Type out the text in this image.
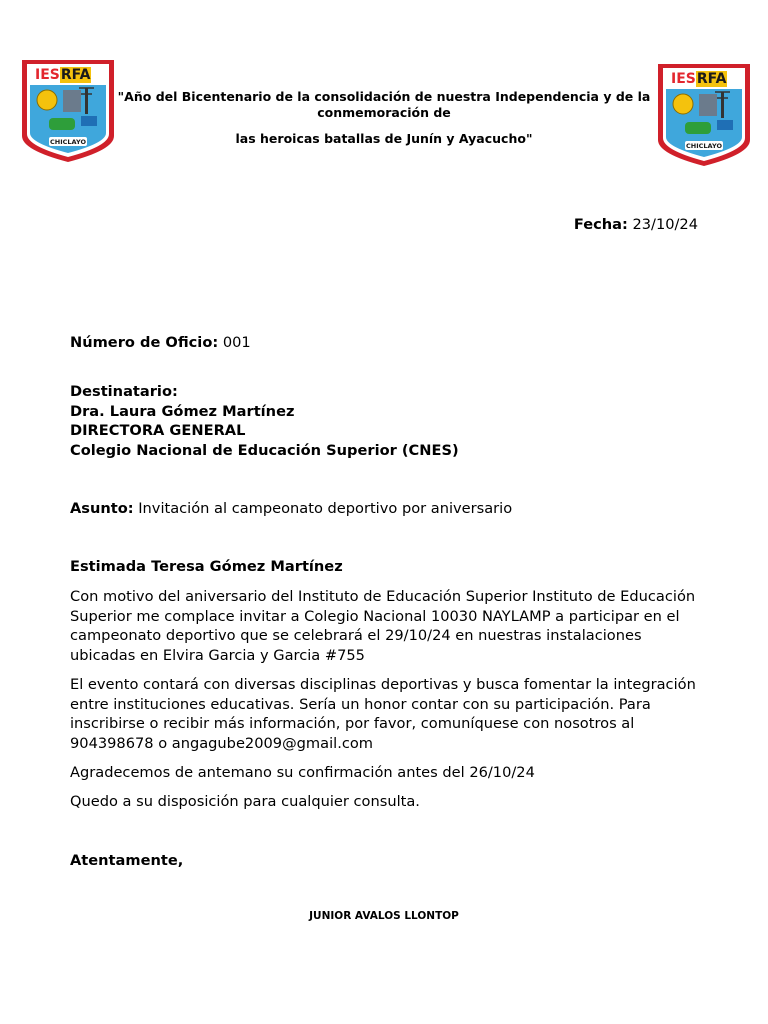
IESRFA
CHICLAYO
IESRFA
CHICLAYO
"Año del Bicentenario de la consolidación de nuestra Independencia y de la conmemoración de
las heroicas batallas de Junín y Ayacucho"
Fecha: 23/10/24
Número de Oficio: 001
Destinatario:
Dra. Laura Gómez Martínez
DIRECTORA GENERAL
Colegio Nacional de Educación Superior (CNES)
Asunto: Invitación al campeonato deportivo por aniversario
Estimada Teresa Gómez Martínez

Con motivo del aniversario del Instituto de Educación Superior Instituto de Educación Superior me complace invitar a Colegio Nacional 10030 NAYLAMP a participar en el campeonato deportivo que se celebrará el 29/10/24 en nuestras instalaciones ubicadas en Elvira Garcia y Garcia #755

El evento contará con diversas disciplinas deportivas y busca fomentar la integración entre instituciones educativas. Sería un honor contar con su participación. Para inscribirse o recibir más información, por favor, comuníquese con nosotros al 904398678 o angagube2009@gmail.com

Agradecemos de antemano su confirmación antes del 26/10/24

Quedo a su disposición para cualquier consulta.

Atentamente,
JUNIOR AVALOS LLONTOP
